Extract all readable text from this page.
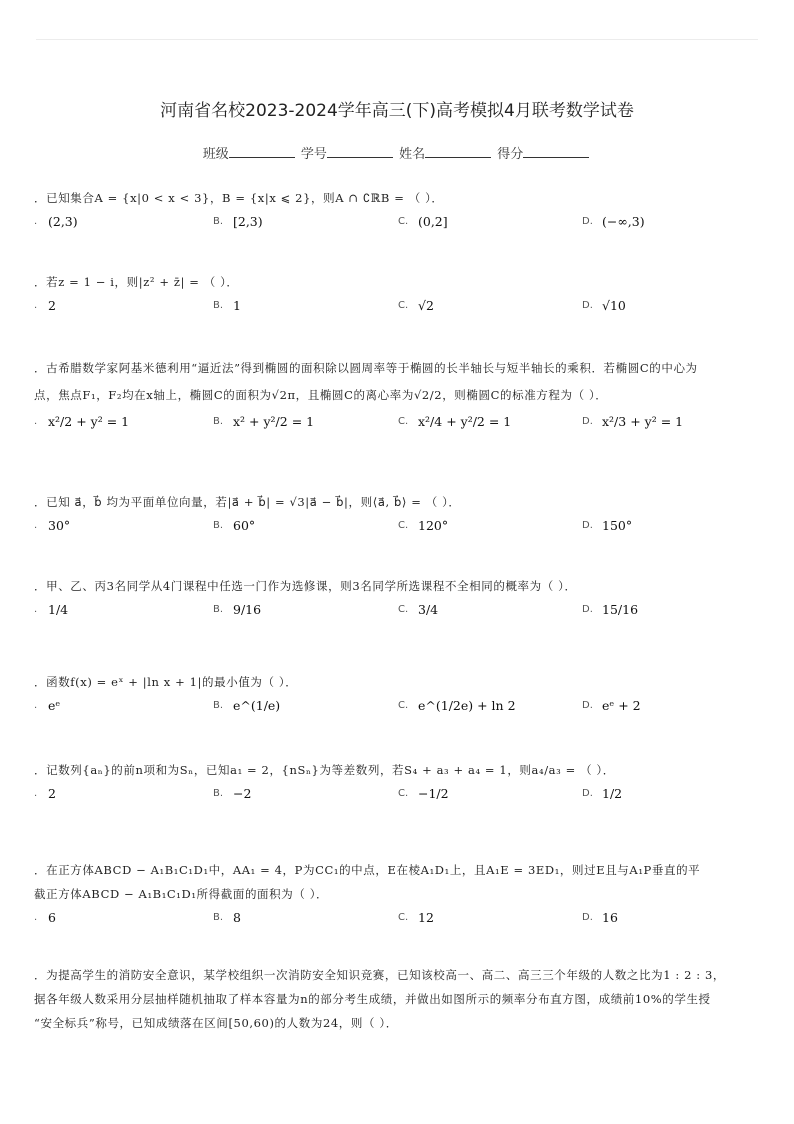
河南省名校2023-2024学年高三(下)高考模拟4月联考数学试卷
班级	学号	姓名	得分
．已知集合A = {x|0 < x < 3}，B = {x|x ⩽ 2}，则A ∩ ∁ℝB = （ ）．
. (2,3)	B. [2,3)	C. (0,2]	D. (−∞,3)
．若z = 1 − i，则|z² + z̄| = （ ）．
. 2	B. 1	C. √2	D. √10
．古希腊数学家阿基米德利用“逼近法”得到椭圆的面积除以圆周率等于椭圆的长半轴长与短半轴长的乘积．若椭圆C的中心为
点，焦点F₁，F₂均在x轴上，椭圆C的面积为√2π，且椭圆C的离心率为√2/2，则椭圆C的标准方程为（ ）．
. x²/2 + y² = 1	B. x² + y²/2 = 1	C. x²/4 + y²/2 = 1	D. x²/3 + y² = 1
．已知 a⃗，b⃗ 均为平面单位向量，若|a⃗ + b⃗| = √3|a⃗ − b⃗|，则⟨a⃗, b⃗⟩ = （ ）．
. 30°	B. 60°	C. 120°	D. 150°
．甲、乙、丙3名同学从4门课程中任选一门作为选修课，则3名同学所选课程不全相同的概率为（ ）．
. 1/4	B. 9/16	C. 3/4	D. 15/16
．函数f(x) = eˣ + |ln x + 1|的最小值为（ ）．
. eᵉ	B. e^(1/e)	C. e^(1/2e) + ln 2	D. eᵉ + 2
．记数列{aₙ}的前n项和为Sₙ，已知a₁ = 2，{nSₙ}为等差数列，若S₄ + a₃ + a₄ = 1，则a₄/a₃ = （ ）．
. 2	B. −2	C. −1/2	D. 1/2
．在正方体ABCD − A₁B₁C₁D₁中，AA₁ = 4，P为CC₁的中点，E在棱A₁D₁上，且A₁E = 3ED₁，则过E且与A₁P垂直的平
截正方体ABCD − A₁B₁C₁D₁所得截面的面积为（ ）．
. 6	B. 8	C. 12	D. 16
．为提高学生的消防安全意识，某学校组织一次消防安全知识竞赛，已知该校高一、高二、高三三个年级的人数之比为1 : 2 : 3，
据各年级人数采用分层抽样随机抽取了样本容量为n的部分考生成绩，并做出如图所示的频率分布直方图，成绩前10%的学生授
“安全标兵”称号，已知成绩落在区间[50,60)的人数为24，则（ ）．
